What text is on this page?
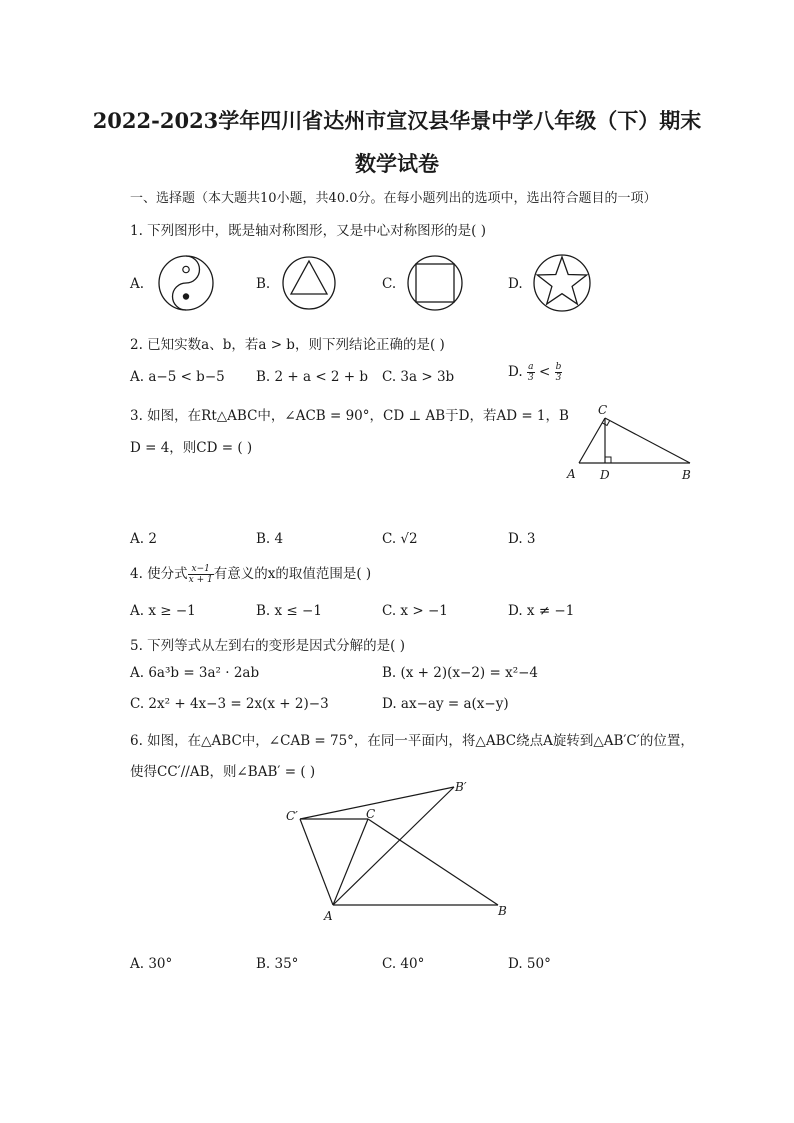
2022-2023学年四川省达州市宣汉县华景中学八年级（下）期末
数学试卷
一、选择题（本大题共10小题，共40.0分。在每小题列出的选项中，选出符合题目的一项）
1. 下列图形中，既是轴对称图形，又是中心对称图形的是( )
A.	B.	C.	D.
2. 已知实数a、b，若a > b，则下列结论正确的是( )
A. a−5 < b−5 B. 2 + a < 2 + b C. 3a > 3b	D. $\frac{a}{3} < \frac{b}{3}$
3. 如图，在Rt△ABC中，∠ACB = 90°，CD ⊥ AB于D，若AD = 1，B
D = 4，则CD = ( )
C
A D	B
A. 2	B. 4	C. √2	D. 3
4. 使分式 $\frac{x-1}{x + 1}$ 有意义的x的取值范围是( )
A. x ≥ −1	B. x ≤ −1	C. x > −1	D. x ≠ −1
5. 下列等式从左到右的变形是因式分解的是( )
A. 6a³b = 3a² · 2ab	B. (x + 2)(x−2) = x²−4
C. 2x² + 4x−3 = 2x(x + 2)−3	D. ax−ay = a(x−y)
6. 如图，在△ABC中，∠CAB = 75°，在同一平面内，将△ABC绕点A旋转到△AB′C′的位置，
使得CC′//AB，则∠BAB′ = ( )
C′	C
B′
A	B
A. 30°	B. 35°	C. 40°	D. 50°
